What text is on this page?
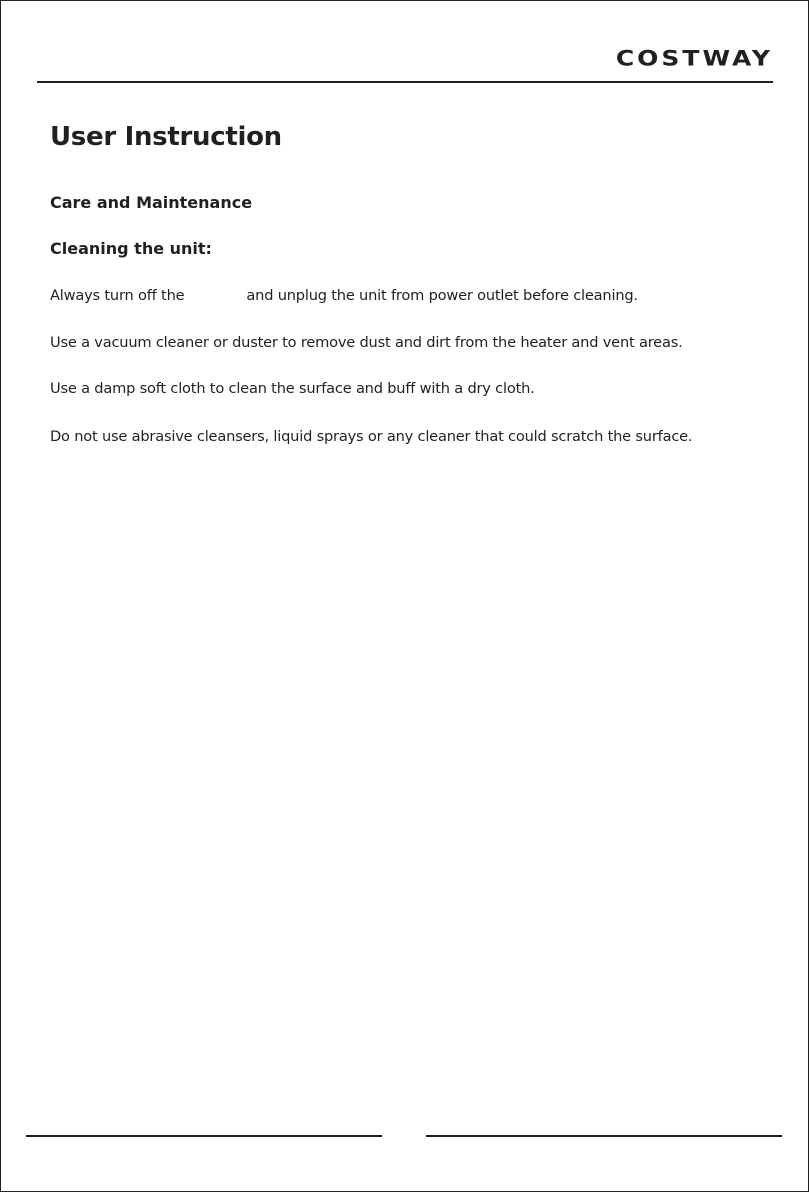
COSTWAY
User Instruction
Care and Maintenance
Cleaning the unit:

Always turn off the	and unplug the unit from power outlet before cleaning.

Use a vacuum cleaner or duster to remove dust and dirt from the heater and vent areas.

Use a damp soft cloth to clean the surface and buff with a dry cloth.

Do not use abrasive cleansers, liquid sprays or any cleaner that could scratch the surface.
